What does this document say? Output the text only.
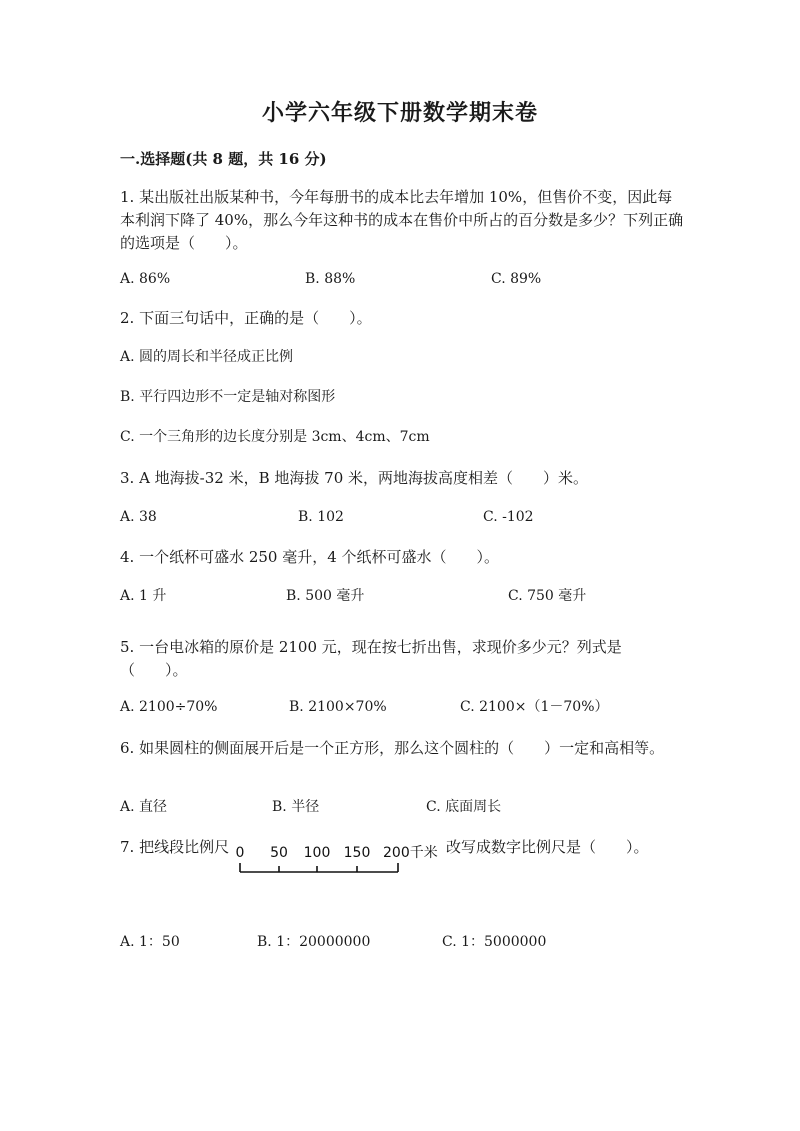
小学六年级下册数学期末卷
一.选择题(共 8 题，共 16 分)
1. 某出版社出版某种书，今年每册书的成本比去年增加 10%，但售价不变，因此每本利润下降了 40%，那么今年这种书的成本在售价中所占的百分数是多少？下列正确的选项是（　　）。
A. 86%	B. 88%	C. 89%
2. 下面三句话中，正确的是（　　）。
A. 圆的周长和半径成正比例
B. 平行四边形不一定是轴对称图形
C. 一个三角形的边长度分别是 3cm、4cm、7cm
3. A 地海拔-32 米，B 地海拔 70 米，两地海拔高度相差（　　）米。
A. 38	B. 102	C. -102
4. 一个纸杯可盛水 250 毫升，4 个纸杯可盛水（　　）。
A. 1 升	B. 500 毫升	C. 750 毫升
5. 一台电冰箱的原价是 2100 元，现在按七折出售，求现价多少元？列式是（　　）。
A. 2100÷70%	B. 2100×70%	C. 2100×（1－70%）
6. 如果圆柱的侧面展开后是一个正方形，那么这个圆柱的（　　）一定和高相等。
A. 直径	B. 半径	C. 底面周长
7. 把线段比例尺 0 50 100 150 200千米 改写成数字比例尺是（　　）。
A. 1：50	B. 1：20000000	C. 1：5000000
